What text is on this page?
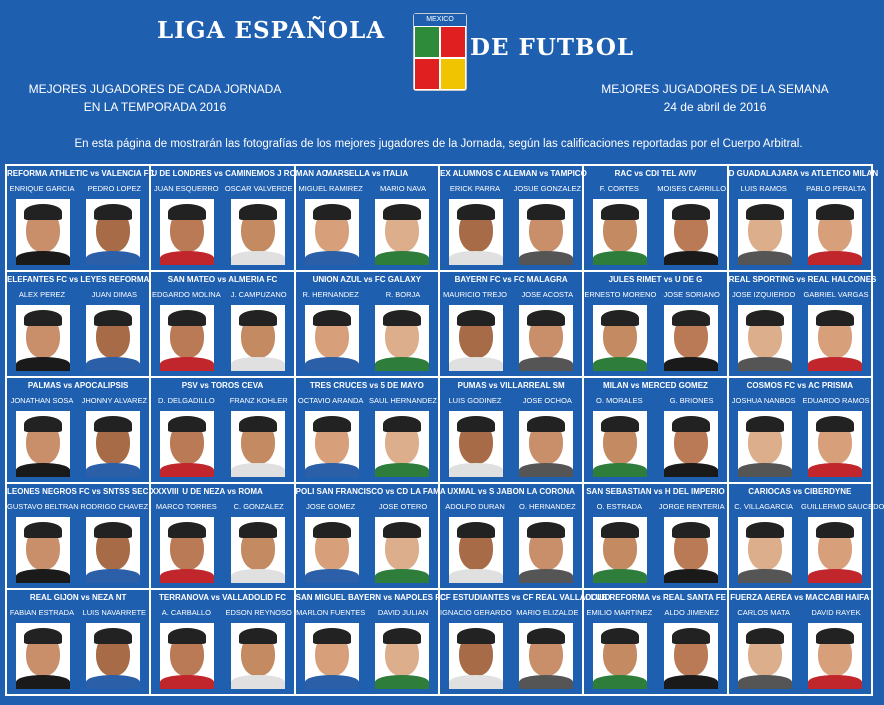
LIGA ESPAÑOLA	MEXICO
DE FUTBOL
MEJORES JUGADORES DE CADA JORNADA
EN LA TEMPORADA 2016
MEJORES JUGADORES DE LA SEMANA
24 de abril de 2016
En esta página de mostrarán las fotografías de los mejores jugadores de la Jornada, según las calificaciones reportadas por el Cuerpo Arbitral.
REFORMA ATHLETIC vs VALENCIA FC
ENRIQUE GARCIA	PEDRO LOPEZ
U DE LONDRES vs CAMINEMOS J ROMAN AC
JUAN ESQUERRO OSCAR VALVERDE
MARSELLA vs ITALIA
MIGUEL RAMIREZ	MARIO NAVA
EX ALUMNOS C ALEMAN vs TAMPICO
ERICK PARRA	JOSUE GONZALEZ
RAC vs CDI TEL AVIV
F. CORTES	MOISES CARRILLO
D GUADALAJARA vs ATLETICO MILAN
LUIS RAMOS	PABLO PERALTA
ELEFANTES FC vs LEYES REFORMA
ALEX PEREZ	JUAN DIMAS
SAN MATEO vs ALMERIA FC
EDGARDO MOLINA	J. CAMPUZANO
UNION AZUL vs FC GALAXY
R. HERNANDEZ	R. BORJA
BAYERN FC vs FC MALAGRA
MAURICIO TREJO	JOSE ACOSTA
JULES RIMET vs U DE G
ERNESTO MORENO JOSE SORIANO
REAL SPORTING vs REAL HALCONES
JOSE IZQUIERDO	GABRIEL VARGAS
PALMAS vs APOCALIPSIS
JONATHAN SOSA	JHONNY ALVAREZ
PSV vs TOROS CEVA
D. DELGADILLO	FRANZ KOHLER
TRES CRUCES vs 5 DE MAYO
OCTAVIO ARANDA SAUL HERNANDEZ
PUMAS vs VILLARREAL SM
LUIS GODINEZ	JOSE OCHOA
MILAN vs MERCED GOMEZ
O. MORALES	G. BRIONES
COSMOS FC vs AC PRISMA
JOSHUA NANBOS EDUARDO RAMOS
LEONES NEGROS FC vs SNTSS SEC XXXVIII
GUSTAVO BELTRAN RODRIGO CHAVEZ
U DE NEZA vs ROMA
MARCO TORRES	C. GONZALEZ
POLI SAN FRANCISCO vs CD LA FAMA
JOSE GOMEZ	JOSE OTERO
UXMAL vs S JABON LA CORONA
ADOLFO DURAN	O. HERNANDEZ
SAN SEBASTIAN vs H DEL IMPERIO
O. ESTRADA	JORGE RENTERIA
CARIOCAS vs CIBERDYNE
C. VILLAGARCIA	GUILLERMO SAUCEDO
REAL GIJON vs NEZA NT
FABIAN ESTRADA	LUIS NAVARRETE
TERRANOVA vs VALLADOLID FC
A. CARBALLO	EDSON REYNOSO
SAN MIGUEL BAYERN vs NAPOLES FC
MARLON FUENTES	DAVID JULIAN
CF ESTUDIANTES vs CF REAL VALLADOLID
IGNACIO GERARDO MARIO ELIZALDE
CLUB REFORMA vs REAL SANTA FE
EMILIO MARTINEZ	ALDO JIMENEZ
FUERZA AEREA vs MACCABI HAIFA
CARLOS MATA	DAVID RAYEK
